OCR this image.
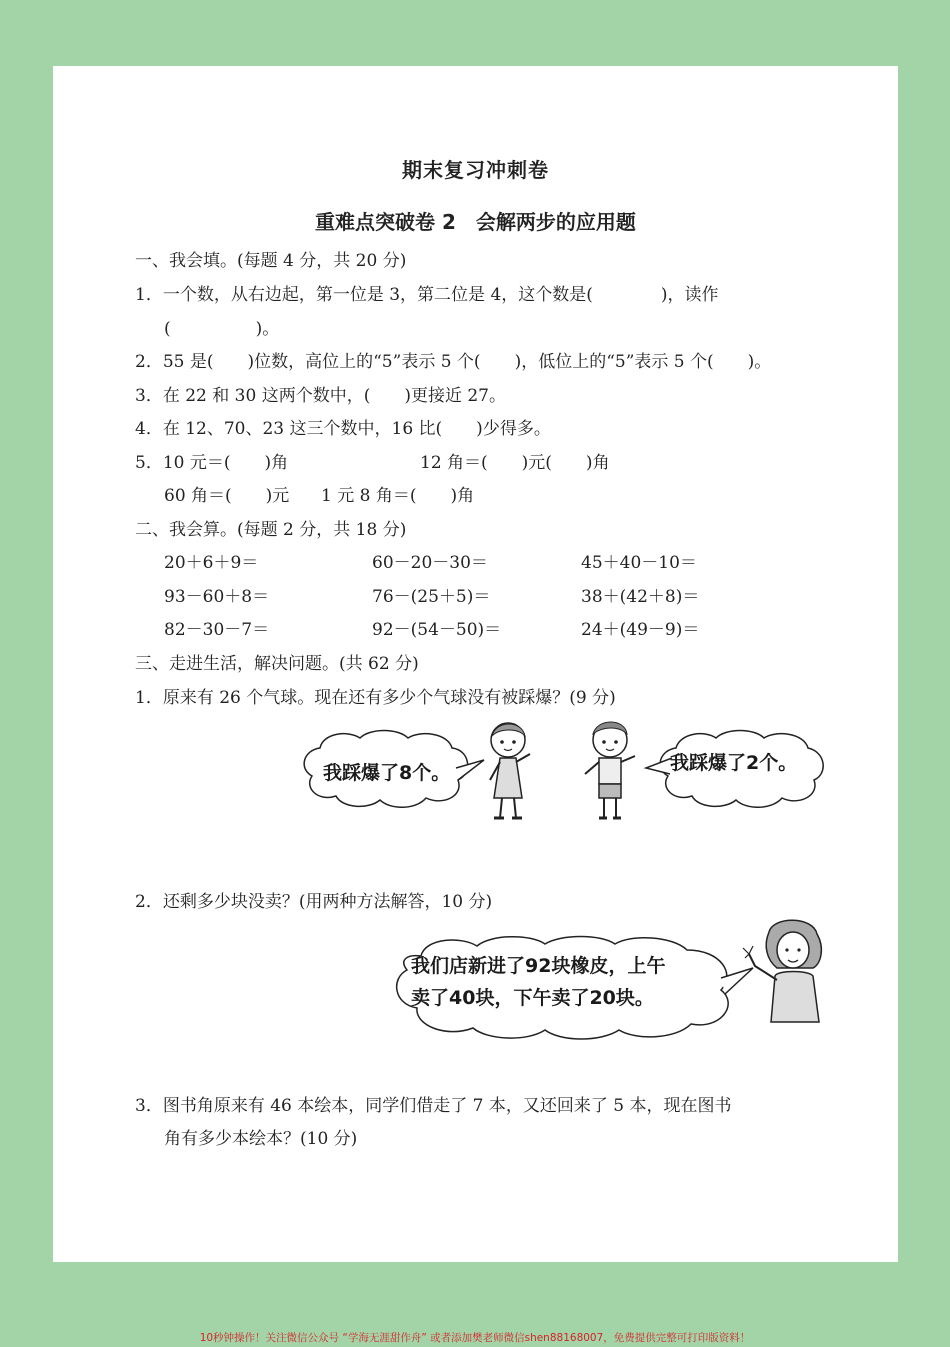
期末复习冲刺卷
重难点突破卷 2　会解两步的应用题
一、我会填。(每题 4 分，共 20 分)
1．一个数，从右边起，第一位是 3，第二位是 4，这个数是(　　　　)，读作
(　　　　　)。
2．55 是(　　)位数，高位上的“5”表示 5 个(　　)，低位上的“5”表示 5 个(　　)。
3．在 22 和 30 这两个数中，(　　)更接近 27。
4．在 12、70、23 这三个数中，16 比(　　)少得多。
5．10 元＝(　　)角	12 角＝(　　)元(　　)角
60 角＝(　　)元 1 元 8 角＝(　　)角
二、我会算。(每题 2 分，共 18 分)
20＋6＋9＝	60－20－30＝	45＋40－10＝
93－60＋8＝	76－(25＋5)＝	38＋(42＋8)＝
82－30－7＝	92－(54－50)＝	24＋(49－9)＝
三、走进生活，解决问题。(共 62 分)
1．原来有 26 个气球。现在还有多少个气球没有被踩爆？(9 分)
我踩爆了8个。	我踩爆了2个。
2．还剩多少块没卖？(用两种方法解答，10 分)
我们店新进了92块橡皮，上午
卖了40块，下午卖了20块。
3．图书角原来有 46 本绘本，同学们借走了 7 本，又还回来了 5 本，现在图书
角有多少本绘本？(10 分)
10秒钟操作！关注微信公众号 “学海无涯甜作舟” 或者添加樊老师微信shen88168007，免费提供完整可打印版资料！
